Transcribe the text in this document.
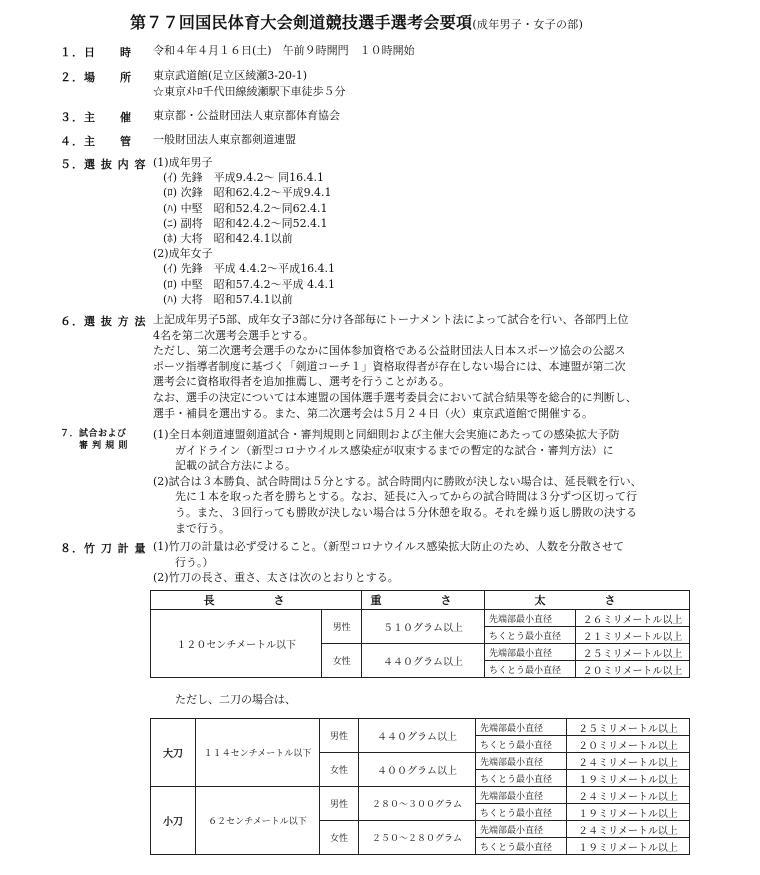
第７７回国民体育大会剣道競技選手選考会要項(成年男子・女子の部)
１．日　　時	令和４年４月１６日(土)　午前９時開門　１０時開始
２．場　　所	東京武道館(足立区綾瀬3-20-1)
☆東京ﾒﾄﾛ千代田線綾瀬駅下車徒歩５分
３．主　　催	東京都・公益財団法人東京都体育協会
４．主　　管	一般財団法人東京都剣道連盟
５．選 抜 内 容 (1)成年男子
(ｲ) 先鋒　平成9.4.2～ 同16.4.1
(ﾛ) 次鋒　昭和62.4.2～平成9.4.1
(ﾊ) 中堅　昭和52.4.2～同62.4.1
(ﾆ) 副将　昭和42.4.2～同52.4.1
(ﾎ) 大将　昭和42.4.1以前
(2)成年女子
(ｲ) 先鋒　平成 4.4.2～平成16.4.1
(ﾛ) 中堅　昭和57.4.2～平成 4.4.1
(ﾊ) 大将　昭和57.4.1以前
６．選 抜 方 法 上記成年男子5部、成年女子3部に分け各部毎にトーナメント法によって試合を行い、各部門上位
4名を第二次選考会選手とする。
ただし、第二次選考会選手のなかに国体参加資格である公益財団法人日本スポーツ協会の公認ス
ポーツ指導者制度に基づく「剣道コーチ１」資格取得者が存在しない場合には、本連盟が第二次
選考会に資格取得者を追加推薦し、選考を行うことがある。
なお、選手の決定については本連盟の国体選手選考委員会において試合結果等を総合的に判断し、
選手・補員を選出する。また、第二次選考会は５月２４日（火）東京武道館で開催する。
７．試合および
　　審 判 規 則
(1)全日本剣道連盟剣道試合・審判規則と同細則および主催大会実施にあたっての感染拡大予防
　　ガイドライン（新型コロナウイルス感染症が収束するまでの暫定的な試合・審判方法）に
　　記載の試合方法による。
(2)試合は３本勝負、試合時間は５分とする。試合時間内に勝敗が決しない場合は、延長戦を行い、
　　先に１本を取った者を勝ちとする。なお、延長に入ってからの試合時間は３分ずつ区切って行
　　う。また、３回行っても勝敗が決しない場合は５分休憩を取る。それを繰り返し勝敗の決する
　　まで行う。
８．竹 刀 計 量 (1)竹刀の計量は必ず受けること。（新型コロナウイルス感染拡大防止のため、人数を分散させて
　　行う。）
(2)竹刀の長さ、重さ、太さは次のとおりとする。
長　さ		重　さ	太　さ	
１２０センチメートル以下	男性	５１０グラム以上	先端部最小直径	２６ミリメートル以上
			ちくとう最小直径	２１ミリメートル以上
	女性	４４０グラム以上	先端部最小直径	２５ミリメートル以上
			ちくとう最小直径	２０ミリメートル以上
ただし、二刀の場合は、
大刀	１１４センチメートル以下	男性	４４０グラム以上	先端部最小直径	２５ミリメートル以上
				ちくとう最小直径	２０ミリメートル以上
		女性	４００グラム以上	先端部最小直径	２４ミリメートル以上
				ちくとう最小直径	１９ミリメートル以上
小刀	６２センチメートル以下	男性	２８０～３００グラム	先端部最小直径	２４ミリメートル以上
				ちくとう最小直径	１９ミリメートル以上
		女性	２５０～２８０グラム	先端部最小直径	２４ミリメートル以上
				ちくとう最小直径	１９ミリメートル以上
